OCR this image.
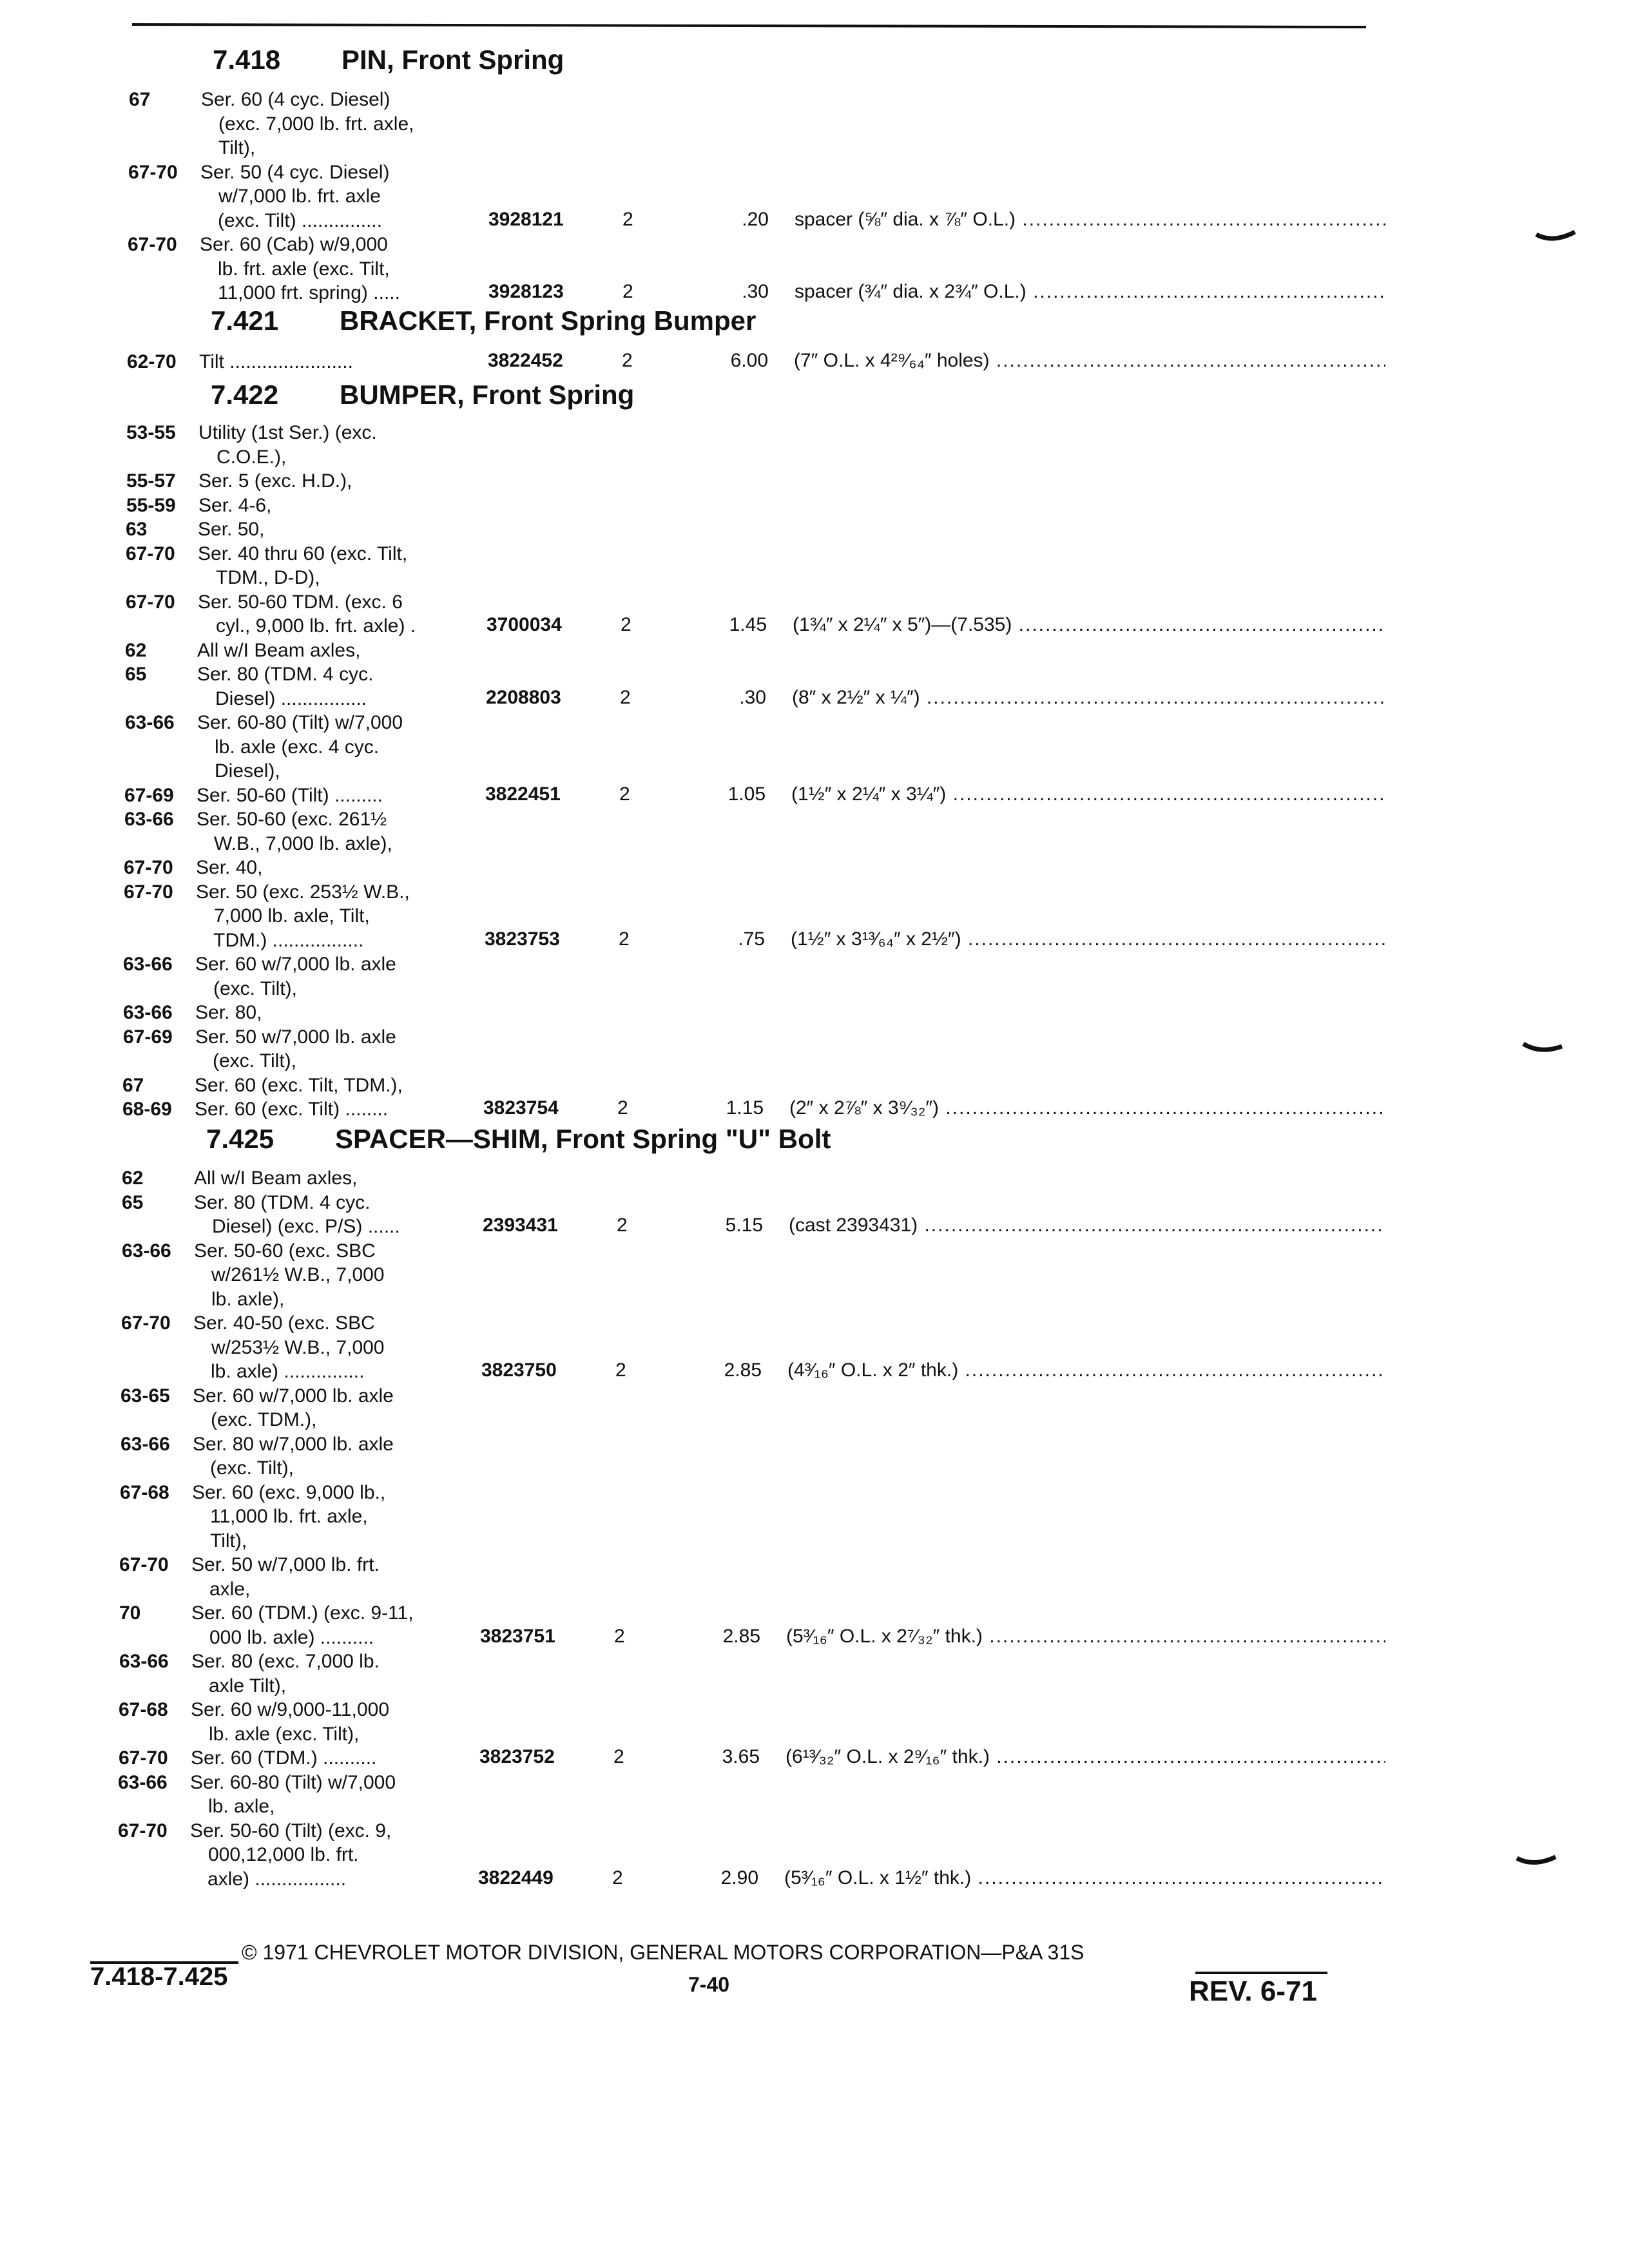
7.418 PIN, Front Spring
67	Ser. 60 (4 cyc. Diesel)
(exc. 7,000 lb. frt. axle,
Tilt),
67-70 Ser. 50 (4 cyc. Diesel)
w/7,000 lb. frt. axle
(exc. Tilt) ...............	3928121	2	.20 spacer (⅝″ dia. x ⅞″ O.L.) .....
67-70 Ser. 60 (Cab) w/9,000
lb. frt. axle (exc. Tilt,
11,000 frt. spring) .....	3928123	2	.30 spacer (¾″ dia. x 2¾″ O.L.) .....
7.421 BRACKET, Front Spring Bumper
62-70 Tilt .......................	3822452	2	6.00 (7″ O.L. x 4²⁹⁄₆₄″ holes) .....
7.422 BUMPER, Front Spring
53-55 Utility (1st Ser.) (exc.
C.O.E.),
55-57 Ser. 5 (exc. H.D.),
55-59 Ser. 4-6,
63	Ser. 50,
67-70 Ser. 40 thru 60 (exc. Tilt,
TDM., D-D),
67-70 Ser. 50-60 TDM. (exc. 6
cyl., 9,000 lb. frt. axle) .	3700034	2	1.45 (1¾″ x 2¼″ x 5″)—(7.535) .....
62	All w/I Beam axles,
65	Ser. 80 (TDM. 4 cyc.
Diesel) ................	2208803	2	.30 (8″ x 2½″ x ¼″) .....
63-66 Ser. 60-80 (Tilt) w/7,000
lb. axle (exc. 4 cyc.
Diesel),
67-69 Ser. 50-60 (Tilt) .........	3822451	2	1.05 (1½″ x 2¼″ x 3¼″) .....
63-66 Ser. 50-60 (exc. 261½
W.B., 7,000 lb. axle),
67-70 Ser. 40,
67-70 Ser. 50 (exc. 253½ W.B.,
7,000 lb. axle, Tilt,
TDM.) .................	3823753	2	.75 (1½″ x 3¹³⁄₆₄″ x 2½″) .....
63-66 Ser. 60 w/7,000 lb. axle
(exc. Tilt),
63-66 Ser. 80,
67-69 Ser. 50 w/7,000 lb. axle
(exc. Tilt),
67	Ser. 60 (exc. Tilt, TDM.),
68-69 Ser. 60 (exc. Tilt) ........	3823754	2	1.15 (2″ x 2⅞″ x 3⁹⁄₃₂″) .....
7.425 SPACER—SHIM, Front Spring "U" Bolt
62	All w/I Beam axles,
65	Ser. 80 (TDM. 4 cyc.
Diesel) (exc. P/S) ......	2393431	2	5.15 (cast 2393431) .....
63-66 Ser. 50-60 (exc. SBC
w/261½ W.B., 7,000
lb. axle),
67-70 Ser. 40-50 (exc. SBC
w/253½ W.B., 7,000
lb. axle) ...............	3823750	2	2.85 (4³⁄₁₆″ O.L. x 2″ thk.) .....
63-65 Ser. 60 w/7,000 lb. axle
(exc. TDM.),
63-66 Ser. 80 w/7,000 lb. axle
(exc. Tilt),
67-68 Ser. 60 (exc. 9,000 lb.,
11,000 lb. frt. axle,
Tilt),
67-70 Ser. 50 w/7,000 lb. frt.
axle,
70	Ser. 60 (TDM.) (exc. 9-11,
000 lb. axle) ..........	3823751	2	2.85 (5³⁄₁₆″ O.L. x 2⁷⁄₃₂″ thk.) .....
63-66 Ser. 80 (exc. 7,000 lb.
axle Tilt),
67-68 Ser. 60 w/9,000-11,000
lb. axle (exc. Tilt),
67-70 Ser. 60 (TDM.) ..........	3823752	2	3.65 (6¹³⁄₃₂″ O.L. x 2⁹⁄₁₆″ thk.) .....
63-66 Ser. 60-80 (Tilt) w/7,000
lb. axle,
67-70 Ser. 50-60 (Tilt) (exc. 9,
000,12,000 lb. frt.
axle) .................	3822449	2	2.90 (5³⁄₁₆″ O.L. x 1½″ thk.) .....
© 1971 CHEVROLET MOTOR DIVISION, GENERAL MOTORS CORPORATION—P&A 31S
7.418-7.425	7-40	REV. 6-71
